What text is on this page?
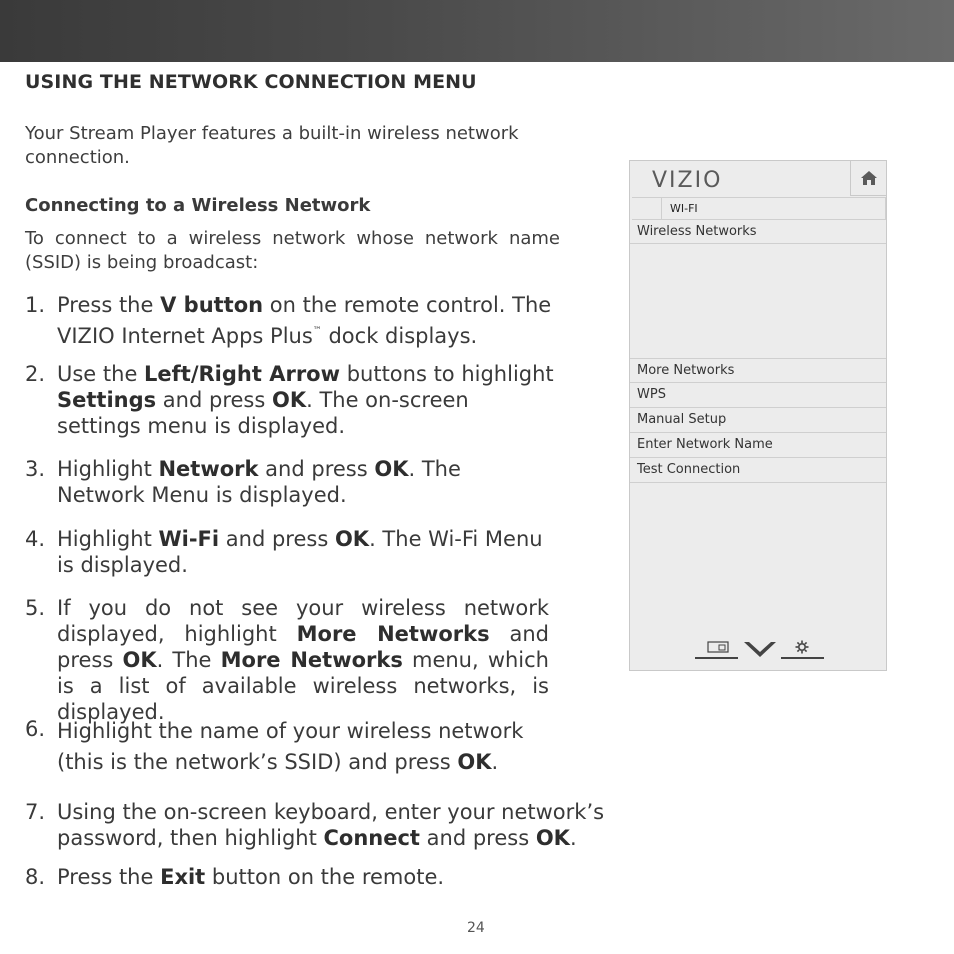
USING THE NETWORK CONNECTION MENU
Your Stream Player features a built-in wireless network connection.
Connecting to a Wireless Network
To connect to a wireless network whose network name (SSID) is being broadcast:
1. Press the V button on the remote control. The VIZIO Internet Apps Plus™ dock displays.
2. Use the Left/Right Arrow buttons to highlight Settings and press OK. The on-screen settings menu is displayed.
3. Highlight Network and press OK. The Network Menu is displayed.
4. Highlight Wi-Fi and press OK. The Wi-Fi Menu is displayed.
5. If you do not see your wireless network displayed, highlight More Networks and press OK. The More Networks menu, which is a list of available wireless networks, is displayed.
6. Highlight the name of your wireless network
(this is the network’s SSID) and press OK.
7. Using the on-screen keyboard, enter your network’s password, then highlight Connect and press OK.
8. Press the Exit button on the remote.
VIZIO
WI-FI
Wireless Networks
More Networks
WPS
Manual Setup
Enter Network Name
Test Connection
24
